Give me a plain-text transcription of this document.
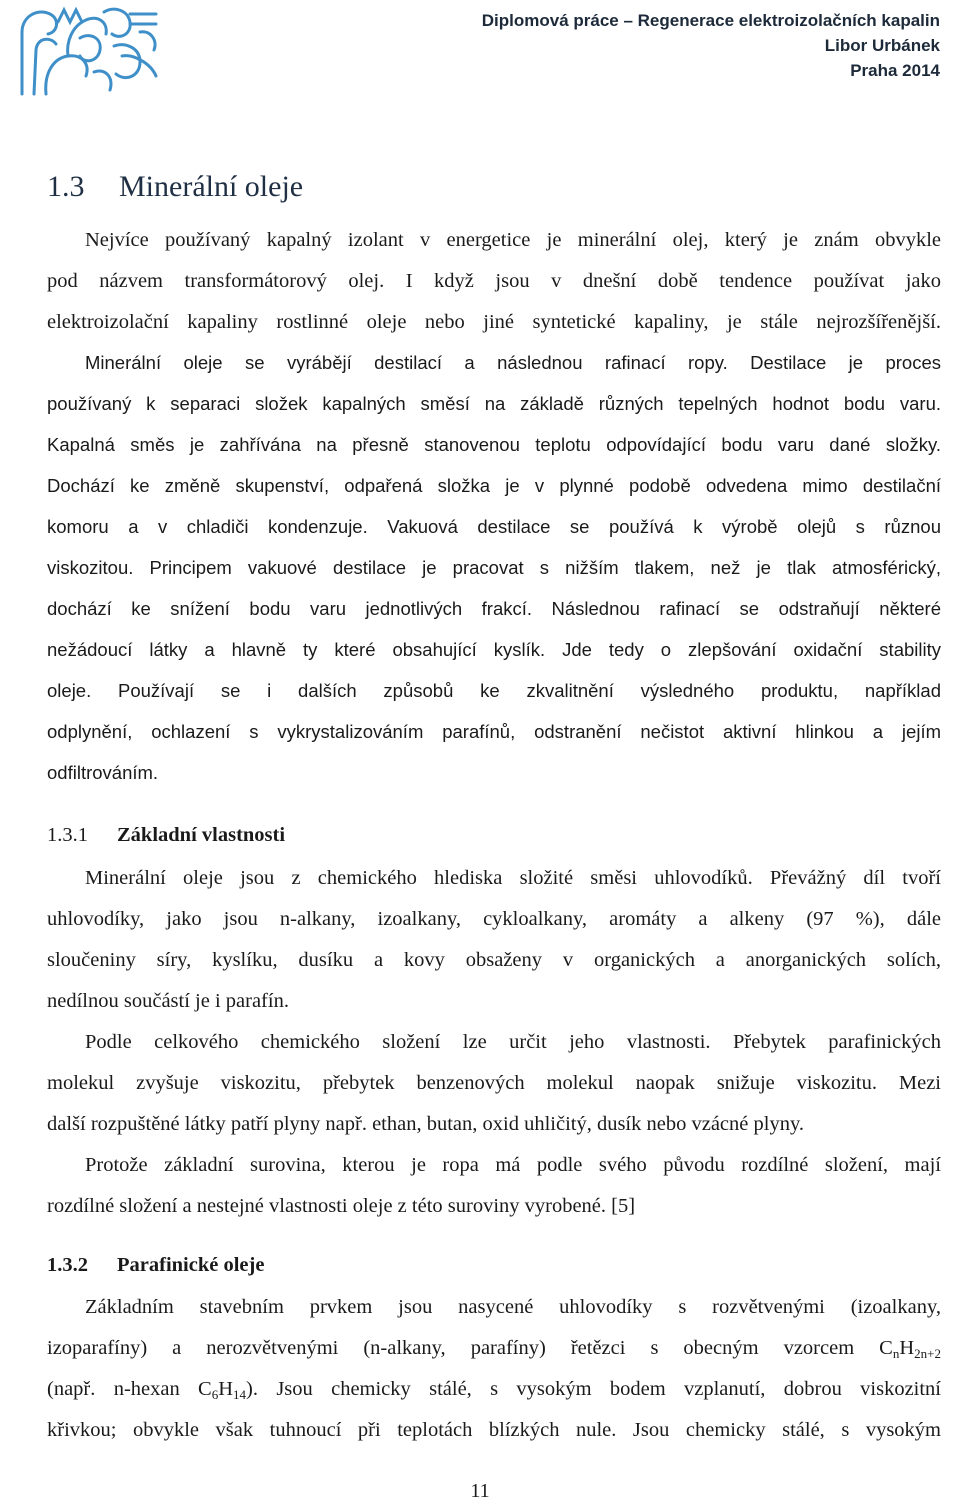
Diplomová práce – Regenerace elektroizolačních kapalin
Libor Urbánek
Praha 2014
1.3 Minerální oleje
Nejvíce používaný kapalný izolant v energetice je minerální olej, který je znám obvykle
pod názvem transformátorový olej. I když jsou v dnešní době tendence používat jako
elektroizolační kapaliny rostlinné oleje nebo jiné syntetické kapaliny, je stále nejrozšířenější.
Minerální oleje se vyrábějí destilací a následnou rafinací ropy. Destilace je proces
používaný k separaci složek kapalných směsí na základě různých tepelných hodnot bodu varu.
Kapalná směs je zahřívána na přesně stanovenou teplotu odpovídající bodu varu dané složky.
Dochází ke změně skupenství, odpařená složka je v plynné podobě odvedena mimo destilační
komoru a v chladiči kondenzuje. Vakuová destilace se používá k výrobě olejů s různou
viskozitou. Principem vakuové destilace je pracovat s nižším tlakem, než je tlak atmosférický,
dochází ke snížení bodu varu jednotlivých frakcí. Následnou rafinací se odstraňují některé
nežádoucí látky a hlavně ty které obsahující kyslík. Jde tedy o zlepšování oxidační stability
oleje. Používají se i dalších způsobů ke zkvalitnění výsledného produktu, například
odplynění, ochlazení s vykrystalizováním parafínů, odstranění nečistot aktivní hlinkou a jejím
odfiltrováním.
1.3.1 Základní vlastnosti
Minerální oleje jsou z chemického hlediska složité směsi uhlovodíků. Převážný díl tvoří
uhlovodíky, jako jsou n-alkany, izoalkany, cykloalkany, aromáty a alkeny (97 %), dále
sloučeniny síry, kyslíku, dusíku a kovy obsaženy v organických a anorganických solích,
nedílnou součástí je i parafín.
Podle celkového chemického složení lze určit jeho vlastnosti. Přebytek parafinických
molekul zvyšuje viskozitu, přebytek benzenových molekul naopak snižuje viskozitu. Mezi
další rozpuštěné látky patří plyny např. ethan, butan, oxid uhličitý, dusík nebo vzácné plyny.
Protože základní surovina, kterou je ropa má podle svého původu rozdílné složení, mají
rozdílné složení a nestejné vlastnosti oleje z této suroviny vyrobené. [5]
1.3.2 Parafinické oleje
Základním stavebním prvkem jsou nasycené uhlovodíky s rozvětvenými (izoalkany,
izoparafíny) a nerozvětvenými (n-alkany, parafíny) řetězci s obecným vzorcem $C_nH_{2n+2}$
(např. n-hexan $C_6H_{14}$). Jsou chemicky stálé, s vysokým bodem vzplanutí, dobrou viskozitní
křivkou; obvykle však tuhnoucí při teplotách blízkých nule. Jsou chemicky stálé, s vysokým
11
